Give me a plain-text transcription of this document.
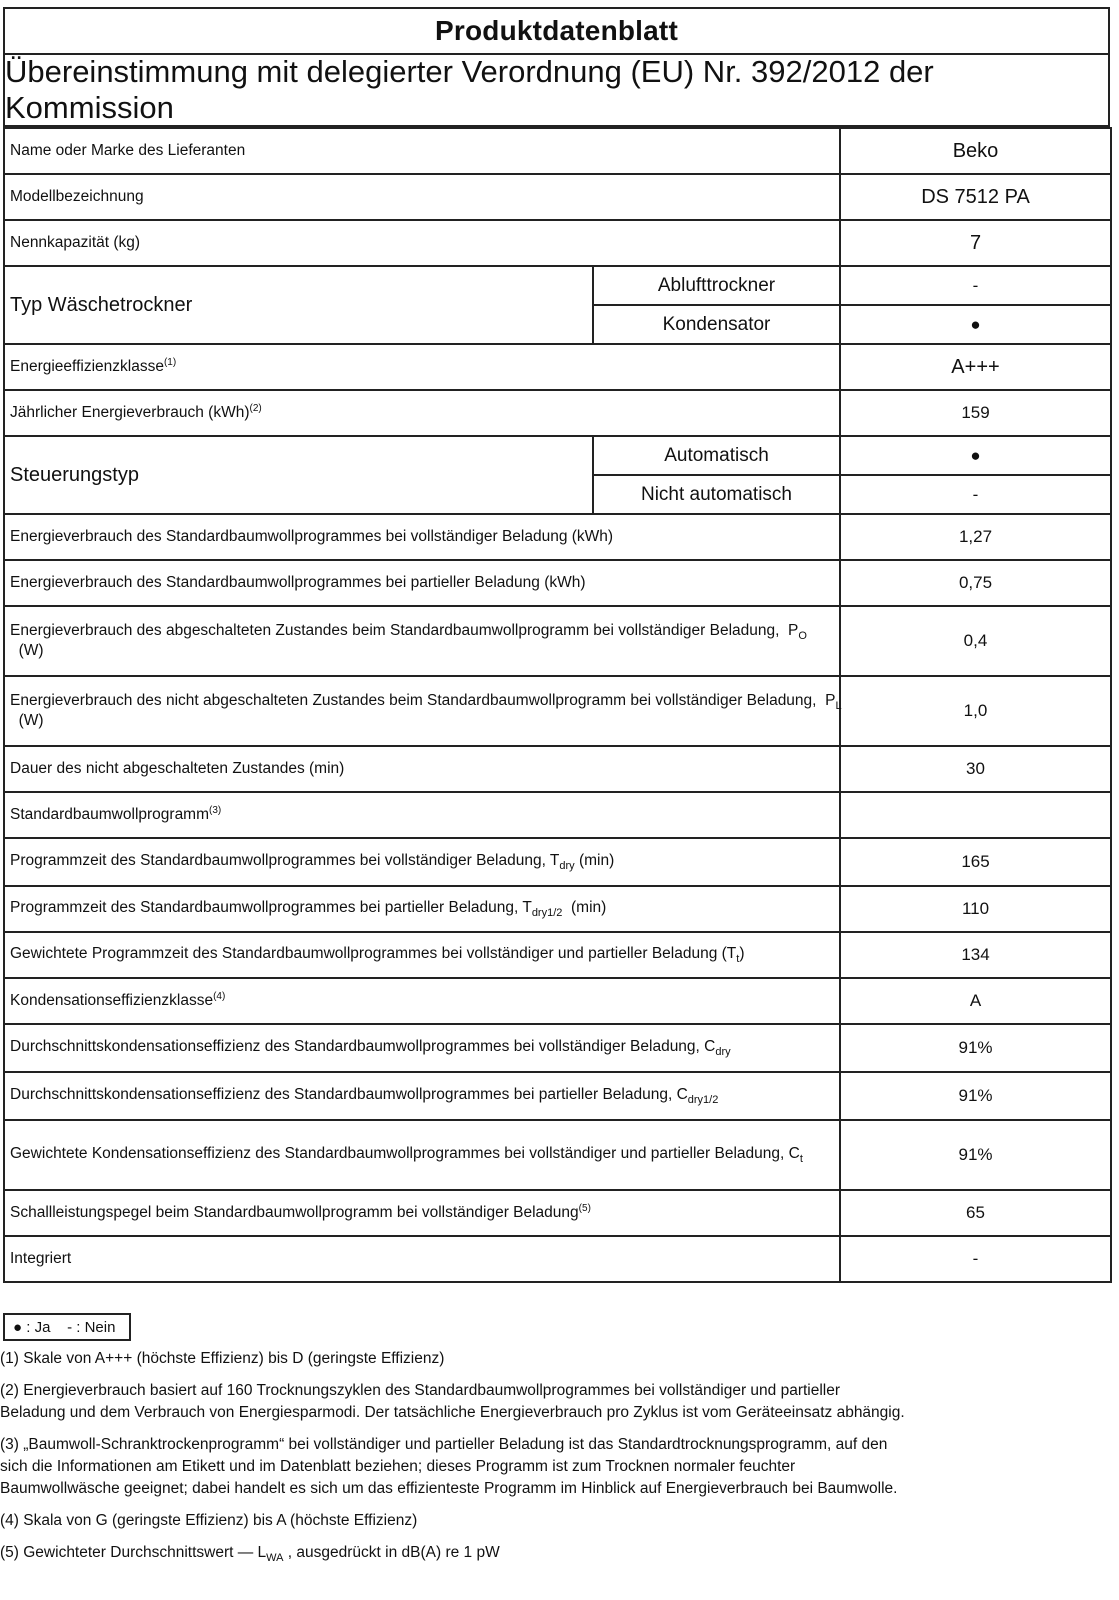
Produktdatenblatt
Übereinstimmung mit delegierter Verordnung (EU) Nr. 392/2012 der Kommission
Name oder Marke des Lieferanten		Beko
Modellbezeichnung		DS 7512 PA
Nennkapazität (kg)		7
Typ Wäschetrockner	Ablufttrockner	-
	Kondensator	●
Energieeffizienzklasse$^{(1)}$		A+++
Jährlicher Energieverbrauch (kWh)$^{(2)}$		159
Steuerungstyp	Automatisch	●
	Nicht automatisch	-
Energieverbrauch des Standardbaumwollprogrammes bei vollständiger Beladung (kWh)		1,27
Energieverbrauch des Standardbaumwollprogrammes bei partieller Beladung (kWh)		0,75
Energieverbrauch des abgeschalteten Zustandes beim Standardbaumwollprogramm bei vollständiger Beladung,  $P_O$  (W)		0,4
Energieverbrauch des nicht abgeschalteten Zustandes beim Standardbaumwollprogramm bei vollständiger Beladung,  $P_L$  (W)		1,0
Dauer des nicht abgeschalteten Zustandes (min)		30
Standardbaumwollprogramm$^{(3)}$	
Programmzeit des Standardbaumwollprogrammes bei vollständiger Beladung, $T_{dry}$ (min)		165
Programmzeit des Standardbaumwollprogrammes bei partieller Beladung, $T_{dry1/2}$  (min)		110
Gewichtete Programmzeit des Standardbaumwollprogrammes bei vollständiger und partieller Beladung $(T_t)$		134
Kondensationseffizienzklasse$^{(4)}$		A
Durchschnittskondensationseffizienz des Standardbaumwollprogrammes bei vollständiger Beladung, $C_{dry}$		91%
Durchschnittskondensationseffizienz des Standardbaumwollprogrammes bei partieller Beladung, $C_{dry1/2}$		91%
Gewichtete Kondensationseffizienz des Standardbaumwollprogrammes bei vollständiger und partieller Beladung, $C_t$		91%
Schallleistungspegel beim Standardbaumwollprogramm bei vollständiger Beladung$^{(5)}$		65
Integriert		-
● : Ja
- : Nein

(1) Skale von A+++ (höchste Effizienz) bis D (geringste Effizienz)

(2) Energieverbrauch basiert auf 160 Trocknungszyklen des Standardbaumwollprogrammes bei vollständiger und partieller
Beladung und dem Verbrauch von Energiesparmodi. Der tatsächliche Energieverbrauch pro Zyklus ist vom Geräteeinsatz abhängig.

(3) „Baumwoll-Schranktrockenprogramm“ bei vollständiger und partieller Beladung ist das Standardtrocknungsprogramm, auf den
sich die Informationen am Etikett und im Datenblatt beziehen; dieses Programm ist zum Trocknen normaler feuchter
Baumwollwäsche geeignet; dabei handelt es sich um das effizienteste Programm im Hinblick auf Energieverbrauch bei Baumwolle.

(4) Skala von G (geringste Effizienz) bis A (höchste Effizienz)

(5) Gewichteter Durchschnittswert — $L_{WA}$ , ausgedrückt in dB(A) re 1 pW
